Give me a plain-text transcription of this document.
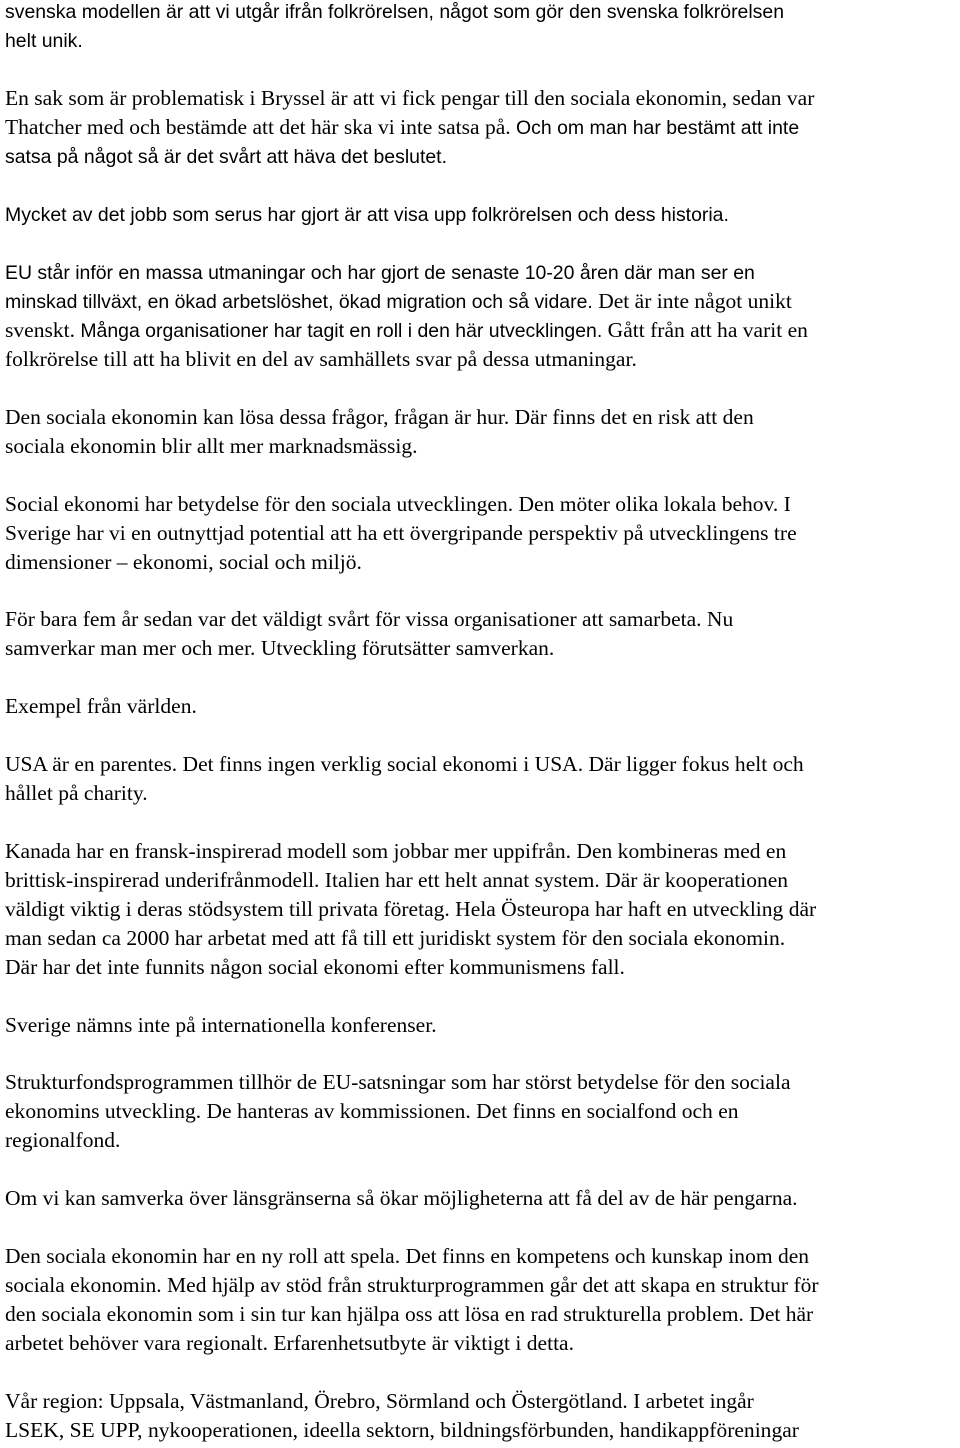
svenska modellen är att vi utgår ifrån folkrörelsen, något som gör den svenska folkrörelsen
helt unik.
En sak som är problematisk i Bryssel är att vi fick pengar till den sociala ekonomin, sedan var
Thatcher med och bestämde att det här ska vi inte satsa på. Och om man har bestämt att inte
satsa på något så är det svårt att häva det beslutet.
Mycket av det jobb som serus har gjort är att visa upp folkrörelsen och dess historia.
EU står inför en massa utmaningar och har gjort de senaste 10-20 åren där man ser en
minskad tillväxt, en ökad arbetslöshet, ökad migration och så vidare. Det är inte något unikt
svenskt. Många organisationer har tagit en roll i den här utvecklingen. Gått från att ha varit en
folkrörelse till att ha blivit en del av samhällets svar på dessa utmaningar.
Den sociala ekonomin kan lösa dessa frågor, frågan är hur. Där finns det en risk att den
sociala ekonomin blir allt mer marknadsmässig.
Social ekonomi har betydelse för den sociala utvecklingen. Den möter olika lokala behov. I
Sverige har vi en outnyttjad potential att ha ett övergripande perspektiv på utvecklingens tre
dimensioner – ekonomi, social och miljö.
För bara fem år sedan var det väldigt svårt för vissa organisationer att samarbeta. Nu
samverkar man mer och mer. Utveckling förutsätter samverkan.
Exempel från världen.
USA är en parentes. Det finns ingen verklig social ekonomi i USA. Där ligger fokus helt och
hållet på charity.
Kanada har en fransk-inspirerad modell som jobbar mer uppifrån. Den kombineras med en
brittisk-inspirerad underifrånmodell. Italien har ett helt annat system. Där är kooperationen
väldigt viktig i deras stödsystem till privata företag. Hela Östeuropa har haft en utveckling där
man sedan ca 2000 har arbetat med att få till ett juridiskt system för den sociala ekonomin.
Där har det inte funnits någon social ekonomi efter kommunismens fall.
Sverige nämns inte på internationella konferenser.
Strukturfondsprogrammen tillhör de EU-satsningar som har störst betydelse för den sociala
ekonomins utveckling. De hanteras av kommissionen. Det finns en socialfond och en
regionalfond.
Om vi kan samverka över länsgränserna så ökar möjligheterna att få del av de här pengarna.
Den sociala ekonomin har en ny roll att spela. Det finns en kompetens och kunskap inom den
sociala ekonomin. Med hjälp av stöd från strukturprogrammen går det att skapa en struktur för
den sociala ekonomin som i sin tur kan hjälpa oss att lösa en rad strukturella problem. Det här
arbetet behöver vara regionalt. Erfarenhetsutbyte är viktigt i detta.
Vår region: Uppsala, Västmanland, Örebro, Sörmland och Östergötland. I arbetet ingår
LSEK, SE UPP, nykooperationen, ideella sektorn, bildningsförbunden, handikappföreningar
